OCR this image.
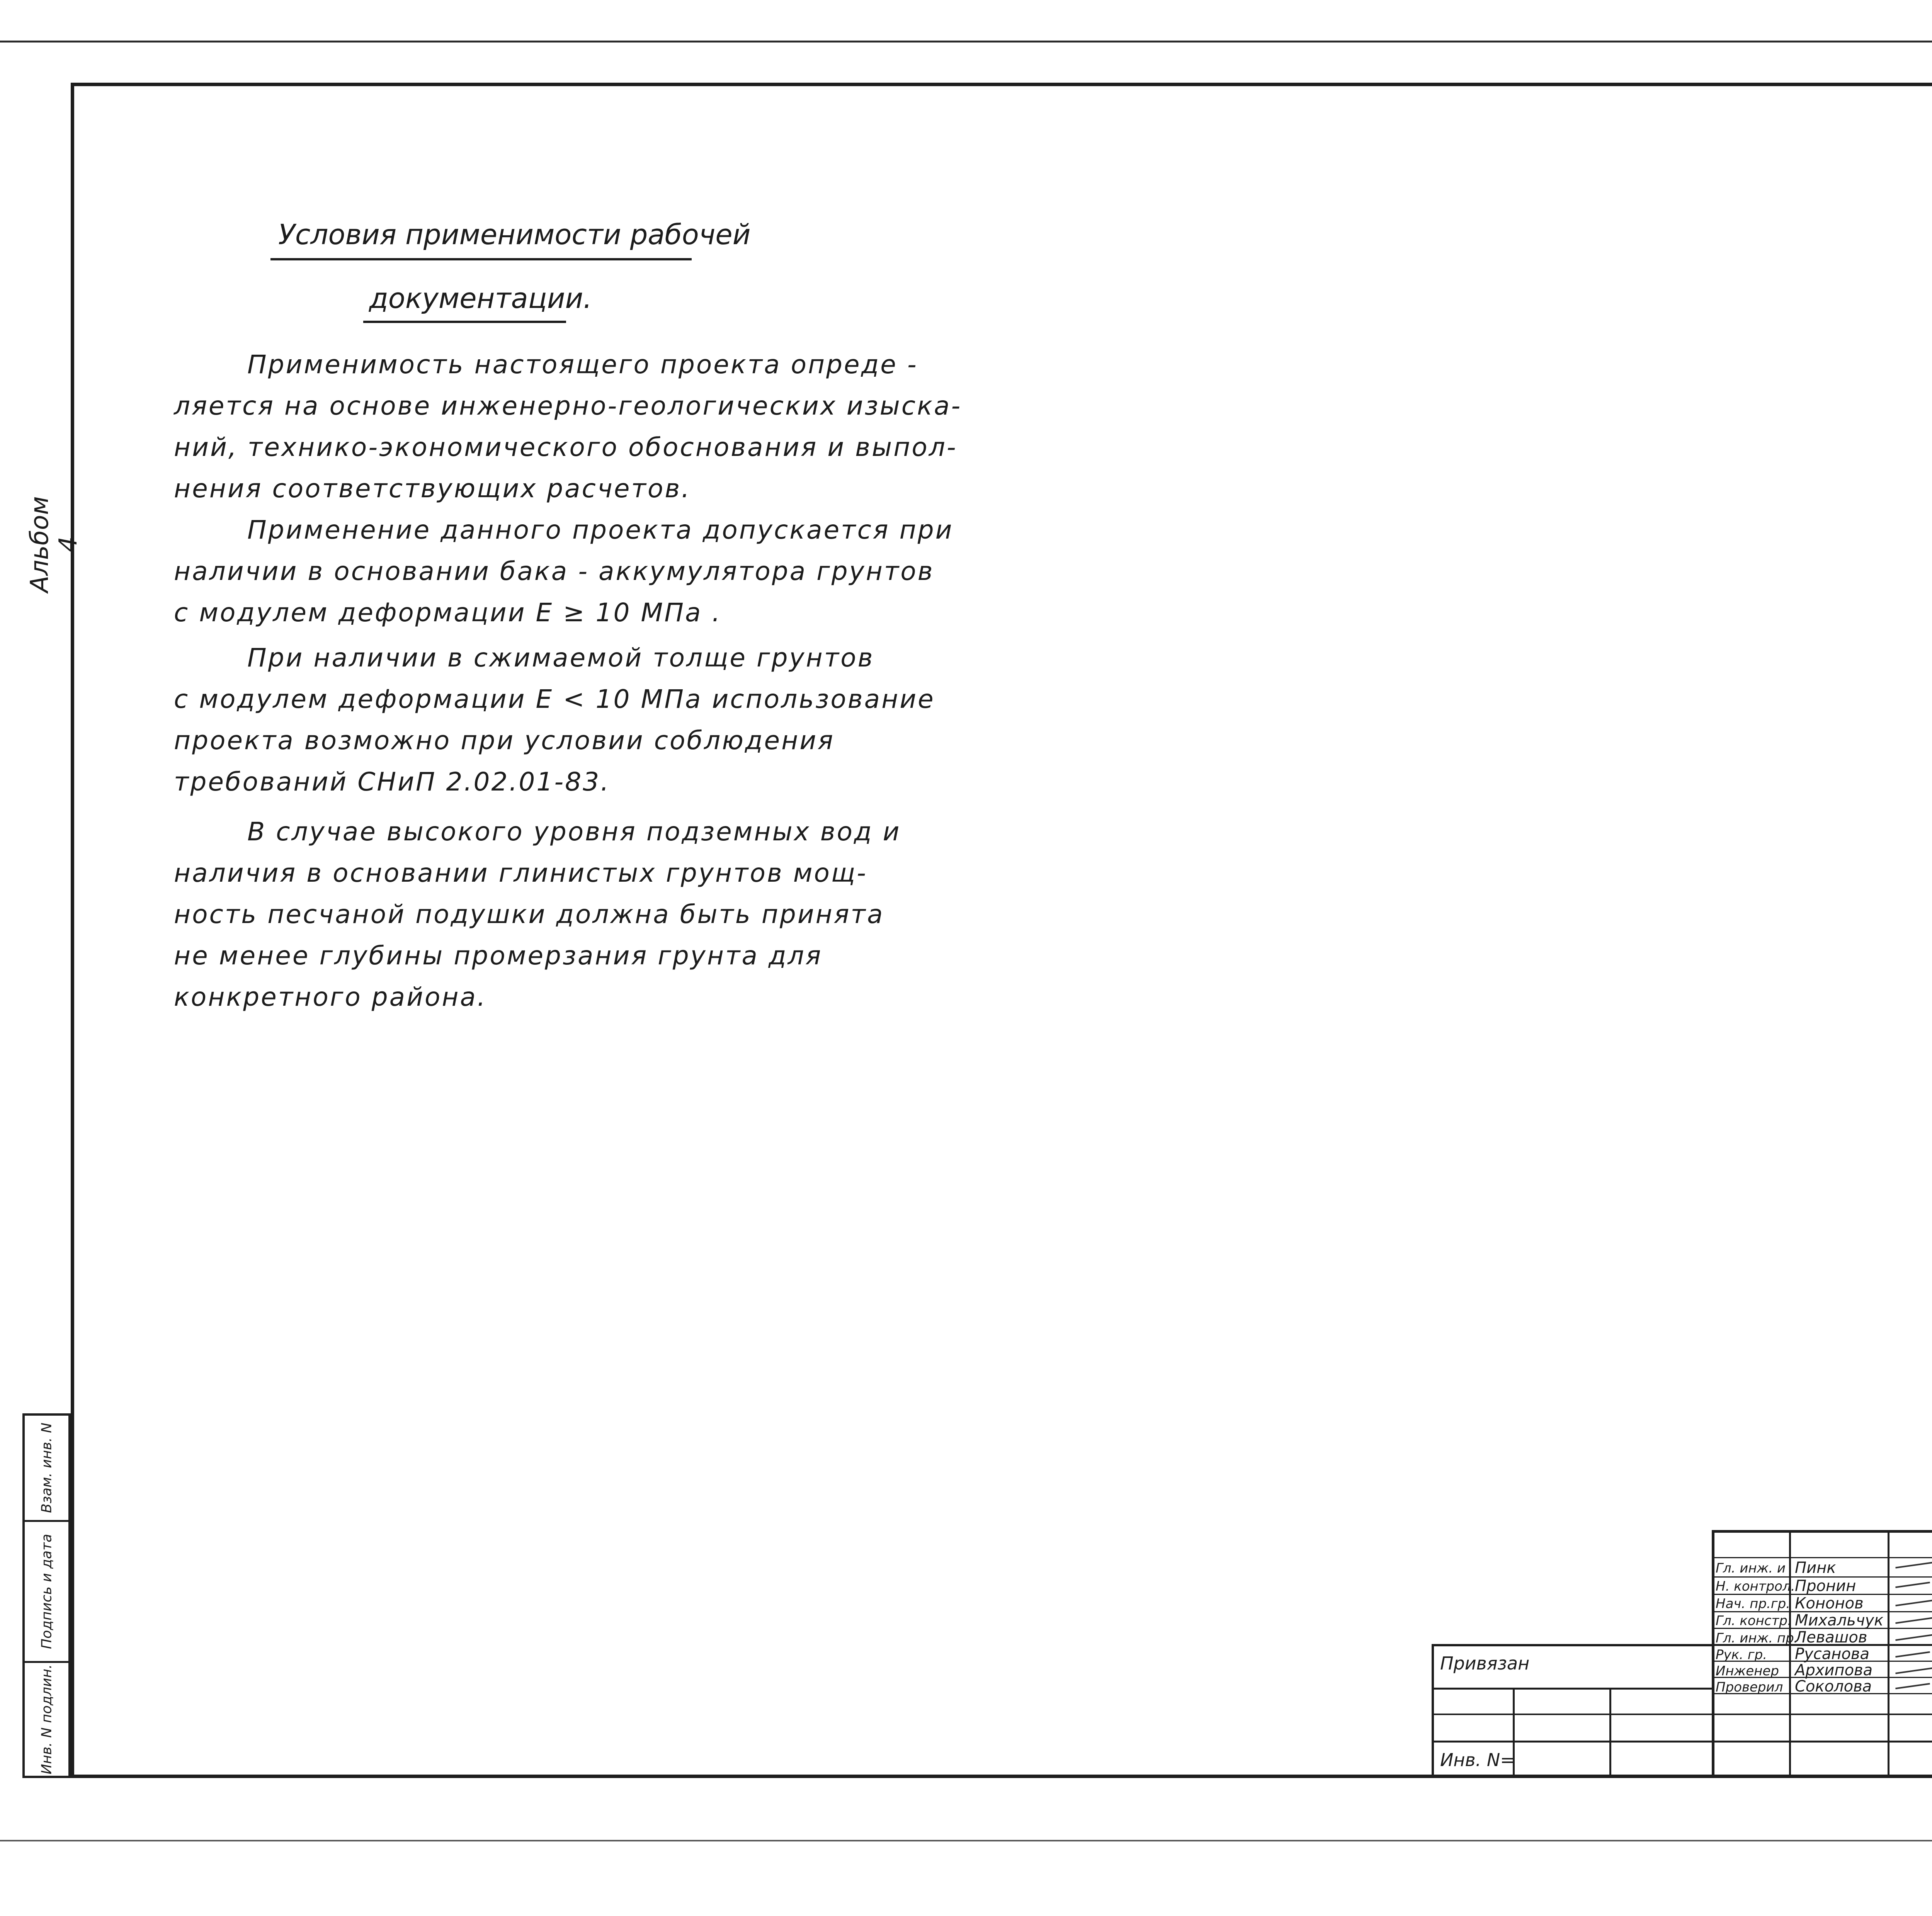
Альбом 4
Взам. инв. N
Подпись и дата
Инв. N подлин.
Условия применимости рабочей
документации.
Применимость настоящего проекта опреде -
ляется на основе инженерно-геологических изыска-
ний, технико-экономического обоснования и выпол-
нения соответствующих расчетов.
Применение данного проекта допускается при
наличии в основании бака - аккумулятора грунтов
с модулем деформации E ≥ 10 МПа .
При наличии в сжимаемой толще грунтов
с модулем деформации E < 10 МПа использование
проекта возможно при условии соблюдения
требований СНиП 2.02.01-83.
В случае высокого уровня подземных вод и
наличия в основании глинистых грунтов мощ-
ность песчаной подушки должна быть принята
не менее глубины промерзания грунта для
конкретного района.
Привязан
Инв. N=
Гл. инж. и Пинк
Н. контрол. Пронин
Нач. пр.гр. Кононов
Гл. констр. Михальчук
Гл. инж. пр.
Левашов
Рук. гр. Русанова
Инженер Архипова
Проверил Соколова
